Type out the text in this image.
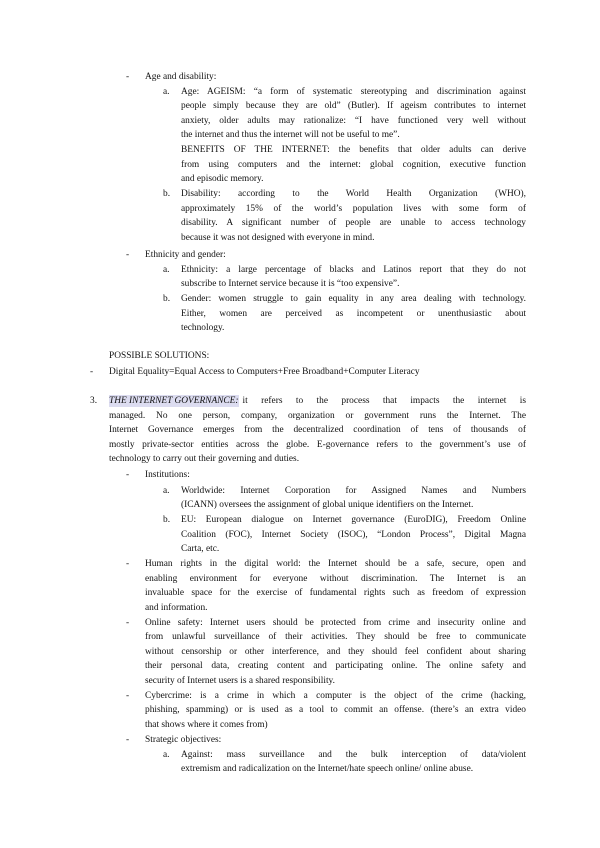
- Age and disability:
a. Age: AGEISM: “a form of systematic stereotyping and discrimination against
people simply because they are old” (Butler). If ageism contributes to internet
anxiety, older adults may rationalize: “I have functioned very well without
the internet and thus the internet will not be useful to me”.
BENEFITS OF THE INTERNET: the benefits that older adults can derive
from using computers and the internet: global cognition, executive function
and episodic memory.
b. Disability: according to the World Health Organization (WHO),
approximately 15% of the world’s population lives with some form of
disability. A significant number of people are unable to access technology
because it was not designed with everyone in mind.
- Ethnicity and gender:
a. Ethnicity: a large percentage of blacks and Latinos report that they do not
subscribe to Internet service because it is “too expensive”.
b. Gender: women struggle to gain equality in any area dealing with technology.
Either, women are perceived as incompetent or unenthusiastic about
technology.
POSSIBLE SOLUTIONS:
- Digital Equality=Equal Access to Computers+Free Broadband+Computer Literacy
3. THE INTERNET GOVERNANCE: it refers to the process that impacts the internet is
managed. No one person, company, organization or government runs the Internet. The
Internet Governance emerges from the decentralized coordination of tens of thousands of
mostly private-sector entities across the globe. E-governance refers to the government’s use of
technology to carry out their governing and duties.
- Institutions:
a. Worldwide: Internet Corporation for Assigned Names and Numbers
(ICANN) oversees the assignment of global unique identifiers on the Internet.
b. EU: European dialogue on Internet governance (EuroDIG), Freedom Online
Coalition (FOC), Internet Society (ISOC), “London Process”, Digital Magna
Carta, etc.
- Human rights in the digital world: the Internet should be a safe, secure, open and
enabling environment for everyone without discrimination. The Internet is an
invaluable space for the exercise of fundamental rights such as freedom of expression
and information.
- Online safety: Internet users should be protected from crime and insecurity online and
from unlawful surveillance of their activities. They should be free to communicate
without censorship or other interference, and they should feel confident about sharing
their personal data, creating content and participating online. The online safety and
security of Internet users is a shared responsibility.
- Cybercrime: is a crime in which a computer is the object of the crime (hacking,
phishing, spamming) or is used as a tool to commit an offense. (there’s an extra video
that shows where it comes from)
- Strategic objectives:
a. Against: mass surveillance and the bulk interception of data/violent
extremism and radicalization on the Internet/hate speech online/ online abuse.
